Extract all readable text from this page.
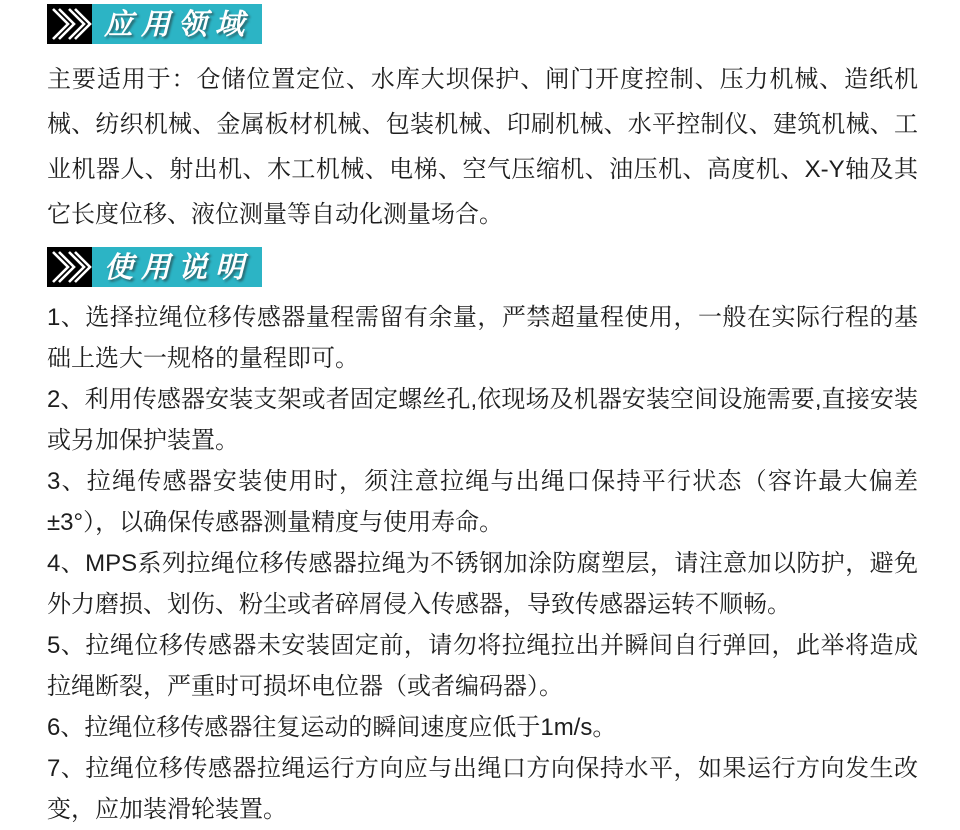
应用领域

主要适用于：仓储位置定位、水库大坝保护、闸门开度控制、压力机械、造纸机械、纺织机械、金属板材机械、包装机械、印刷机械、水平控制仪、建筑机械、工业机器人、射出机、木工机械、电梯、空气压缩机、油压机、高度机、X-Y轴及其它长度位移、液位测量等自动化测量场合。

使用说明
1、选择拉绳位移传感器量程需留有余量，严禁超量程使用，一般在实际行程的基础上选大一规格的量程即可。
2、利用传感器安装支架或者固定螺丝孔,依现场及机器安装空间设施需要,直接安装或另加保护装置。
3、拉绳传感器安装使用时，须注意拉绳与出绳口保持平行状态（容许最大偏差±3°），以确保传感器测量精度与使用寿命。
4、MPS系列拉绳位移传感器拉绳为不锈钢加涂防腐塑层，请注意加以防护，避免外力磨损、划伤、粉尘或者碎屑侵入传感器，导致传感器运转不顺畅。
5、拉绳位移传感器未安装固定前，请勿将拉绳拉出并瞬间自行弹回，此举将造成拉绳断裂，严重时可损坏电位器（或者编码器）。
6、拉绳位移传感器往复运动的瞬间速度应低于1m/s。
7、拉绳位移传感器拉绳运行方向应与出绳口方向保持水平，如果运行方向发生改变，应加装滑轮装置。
